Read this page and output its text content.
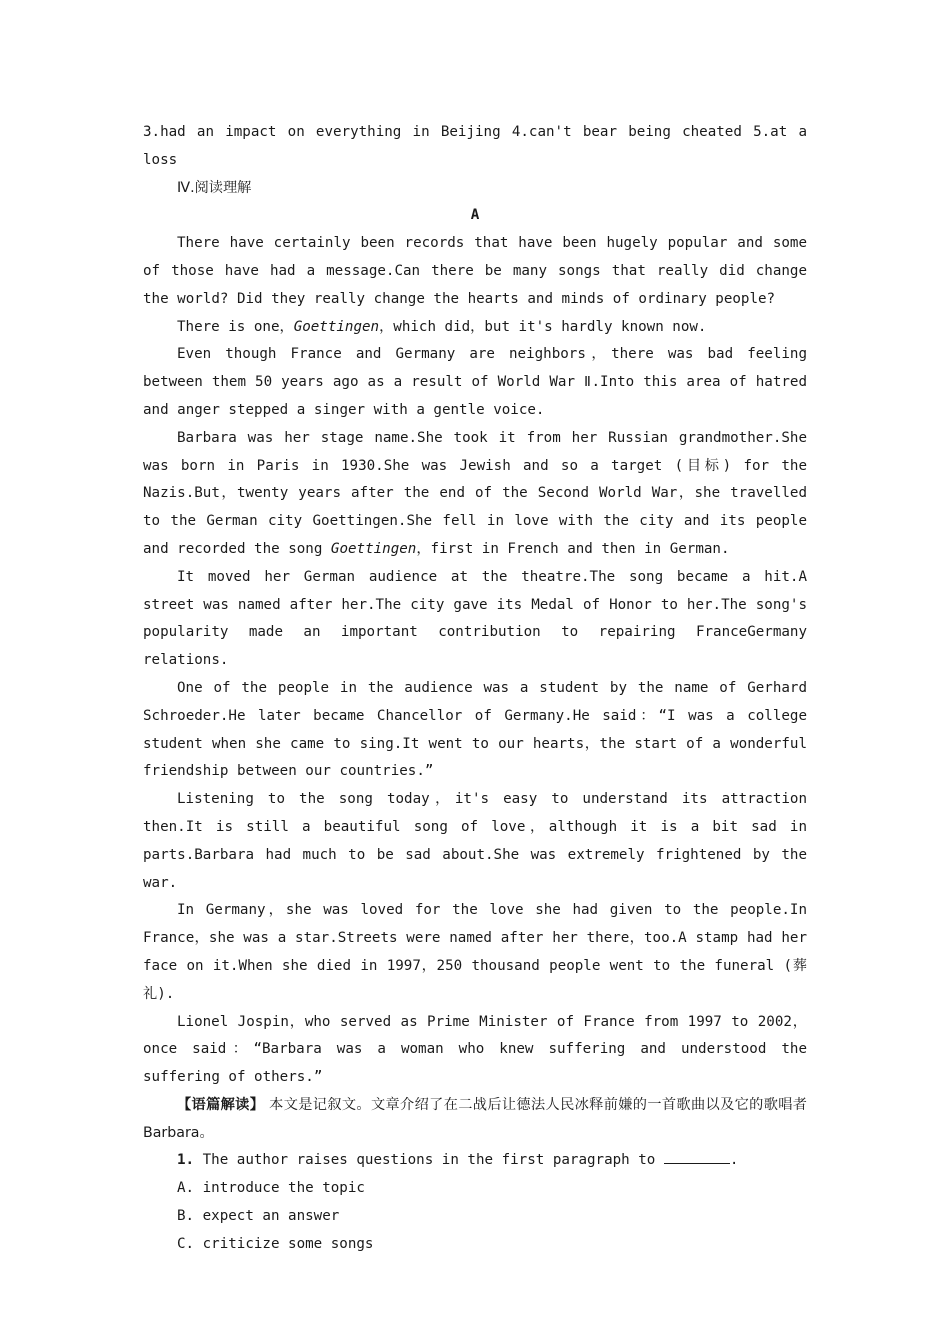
3.had an impact on everything in Beijing 4.can't bear being cheated 5.at a loss

Ⅳ.阅读理解

A

There have certainly been records that have been hugely popular and some of those have had a message.Can there be many songs that really did change the world? Did they really change the hearts and minds of ordinary people?

There is one，Goettingen，which did，but it's hardly known now.

Even though France and Germany are neighbors，there was bad feeling between them 50 years ago as a result of World War Ⅱ.Into this area of hatred and anger stepped a singer with a gentle voice.

Barbara was her stage name.She took it from her Russian grandmother.She was born in Paris in 1930.She was Jewish and so a target (目标) for the Nazis.But，twenty years after the end of the Second World War，she travelled to the German city Goettingen.She fell in love with the city and its people and recorded the song Goettingen，first in French and then in German.

It moved her German audience at the theatre.The song became a hit.A street was named after her.The city gave its Medal of Honor to her.The song's popularity made an important contribution to repairing FranceGermany relations.

One of the people in the audience was a student by the name of Gerhard Schroeder.He later became Chancellor of Germany.He said：“I was a college student when she came to sing.It went to our hearts，the start of a wonderful friendship between our countries.”

Listening to the song today，it's easy to understand its attraction then.It is still a beautiful song of love，although it is a bit sad in parts.Barbara had much to be sad about.She was extremely frightened by the war.

In Germany，she was loved for the love she had given to the people.In France，she was a star.Streets were named after her there，too.A stamp had her face on it.When she died in 1997，250 thousand people went to the funeral (葬礼).

Lionel Jospin，who served as Prime Minister of France from 1997 to 2002，once said：“Barbara was a woman who knew suffering and understood the suffering of others.”

【语篇解读】 本文是记叙文。文章介绍了在二战后让德法人民冰释前嫌的一首歌曲以及它的歌唱者Barbara。

1. The author raises questions in the first paragraph to	.

A. introduce the topic

B. expect an answer

C. criticize some songs
